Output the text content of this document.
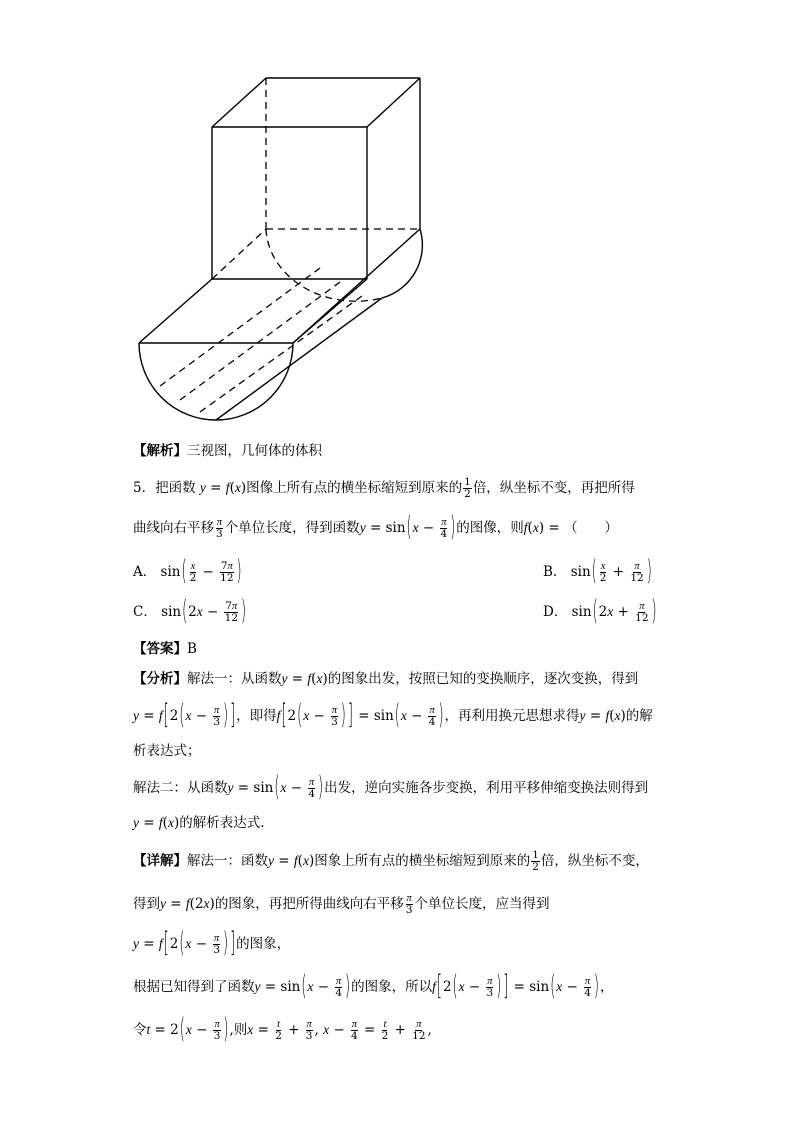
【解析】三视图，几何体的体积
5．把函数 y = f(x)图像上所有点的横坐标缩短到原来的 $\frac{1}{2}$ 倍，纵坐标不变，再把所得
曲线向右平移 $\frac{\pi}{3}$ 个单位长度，得到函数$y = \sin(x - \frac{\pi}{4}$ )的图像，则f(x) = （　　）
A． $\sin( \frac{x}{2} - \frac{7\pi}{12}$ )	B． $\sin( \frac{x}{2} + \frac{\pi}{12}$ )
C． $\sin(2x - \frac{7\pi}{12}$ )	D． $\sin(2x + \frac{\pi}{12}$ )
【答案】B
【分析】解法一：从函数y = f(x)的图象出发，按照已知的变换顺序，逐次变换，得到
$y = f[2(x - \frac{\pi}{3}$ ) ]，即得$f[2(x - \frac{\pi}{3}$ ) ] = $\sin(x - \frac{\pi}{4}$ )，再利用换元思想求得y = f(x)的解
析表达式；
解法二：从函数$y = \sin(x - \frac{\pi}{4}$ )出发，逆向实施各步变换，利用平移伸缩变换法则得到
y = f(x)的解析表达式.
【详解】解法一：函数y = f(x)图象上所有点的横坐标缩短到原来的 $\frac{1}{2}$ 倍，纵坐标不变，
得到y = f(2x)的图象，再把所得曲线向右平移 $\frac{\pi}{3}$ 个单位长度，应当得到
$y = f[2(x - \frac{\pi}{3}$ ) ]的图象，
根据已知得到了函数$y = \sin(x - \frac{\pi}{4}$ )的图象，所以$f[2(x - \frac{\pi}{3}$ ) ] = $\sin(x - \frac{\pi}{4}$ )，
令$t = 2(x - \frac{\pi}{3}$ ),则$x = \frac{t}{2} + \frac{\pi}{3}$ , $x - \frac{\pi}{4} = \frac{t}{2} + \frac{\pi}{12}$ ,
